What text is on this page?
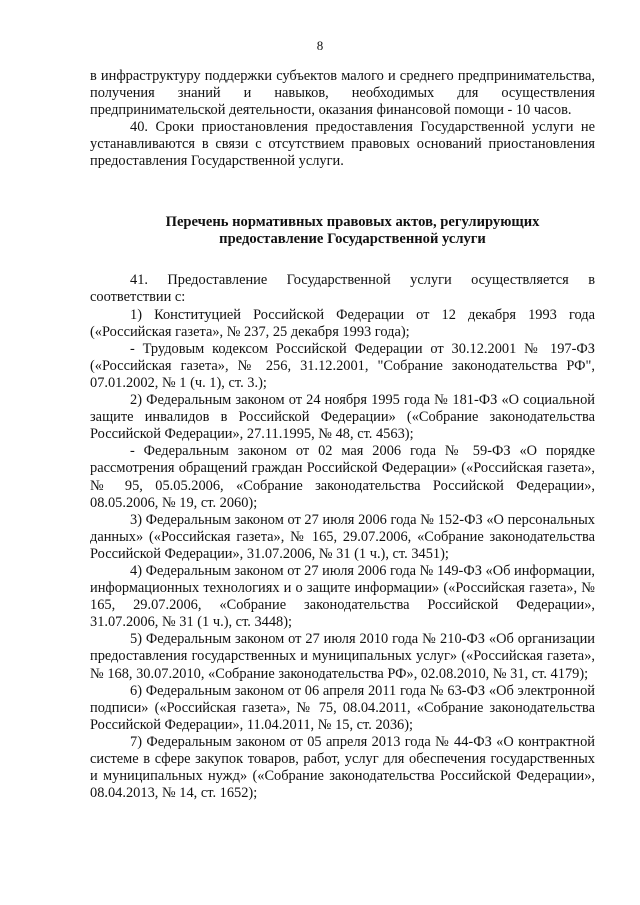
8

в инфраструктуру поддержки субъектов малого и среднего предпринимательства, получения знаний и навыков, необходимых для осуществления предпринимательской деятельности, оказания финансовой помощи - 10 часов.

40. Сроки приостановления предоставления Государственной услуги не устанавливаются в связи с отсутствием правовых оснований приостановления предоставления Государственной услуги.

Перечень нормативных правовых актов, регулирующих
предоставление Государственной услуги

41. Предоставление Государственной услуги осуществляется в соответствии с:

1) Конституцией Российской Федерации от 12 декабря 1993 года («Российская газета», № 237, 25 декабря 1993 года);

- Трудовым кодексом Российской Федерации от 30.12.2001 № 197-ФЗ («Российская газета», № 256, 31.12.2001, "Собрание законодательства РФ", 07.01.2002, № 1 (ч. 1), ст. 3.);

2) Федеральным законом от 24 ноября 1995 года № 181-ФЗ «О социальной защите инвалидов в Российской Федерации» («Собрание законодательства Российской Федерации», 27.11.1995, № 48, ст. 4563);

- Федеральным законом от 02 мая 2006 года № 59-ФЗ «О порядке рассмотрения обращений граждан Российской Федерации» («Российская газета», № 95, 05.05.2006, «Собрание законодательства Российской Федерации», 08.05.2006, № 19, ст. 2060);

3) Федеральным законом от 27 июля 2006 года № 152-ФЗ «О персональных данных» («Российская газета», № 165, 29.07.2006, «Собрание законодательства Российской Федерации», 31.07.2006, № 31 (1 ч.), ст. 3451);

4) Федеральным законом от 27 июля 2006 года № 149-ФЗ «Об информации, информационных технологиях и о защите информации» («Российская газета», № 165, 29.07.2006, «Собрание законодательства Российской Федерации», 31.07.2006, № 31 (1 ч.), ст. 3448);

5) Федеральным законом от 27 июля 2010 года № 210-ФЗ «Об организации предоставления государственных и муниципальных услуг» («Российская газета», № 168, 30.07.2010, «Собрание законодательства РФ», 02.08.2010, № 31, ст. 4179);

6) Федеральным законом от 06 апреля 2011 года № 63-ФЗ «Об электронной подписи» («Российская газета», № 75, 08.04.2011, «Собрание законодательства Российской Федерации», 11.04.2011, № 15, ст. 2036);

7) Федеральным законом от 05 апреля 2013 года № 44-ФЗ «О контрактной системе в сфере закупок товаров, работ, услуг для обеспечения государственных и муниципальных нужд» («Собрание законодательства Российской Федерации», 08.04.2013, № 14, ст. 1652);
